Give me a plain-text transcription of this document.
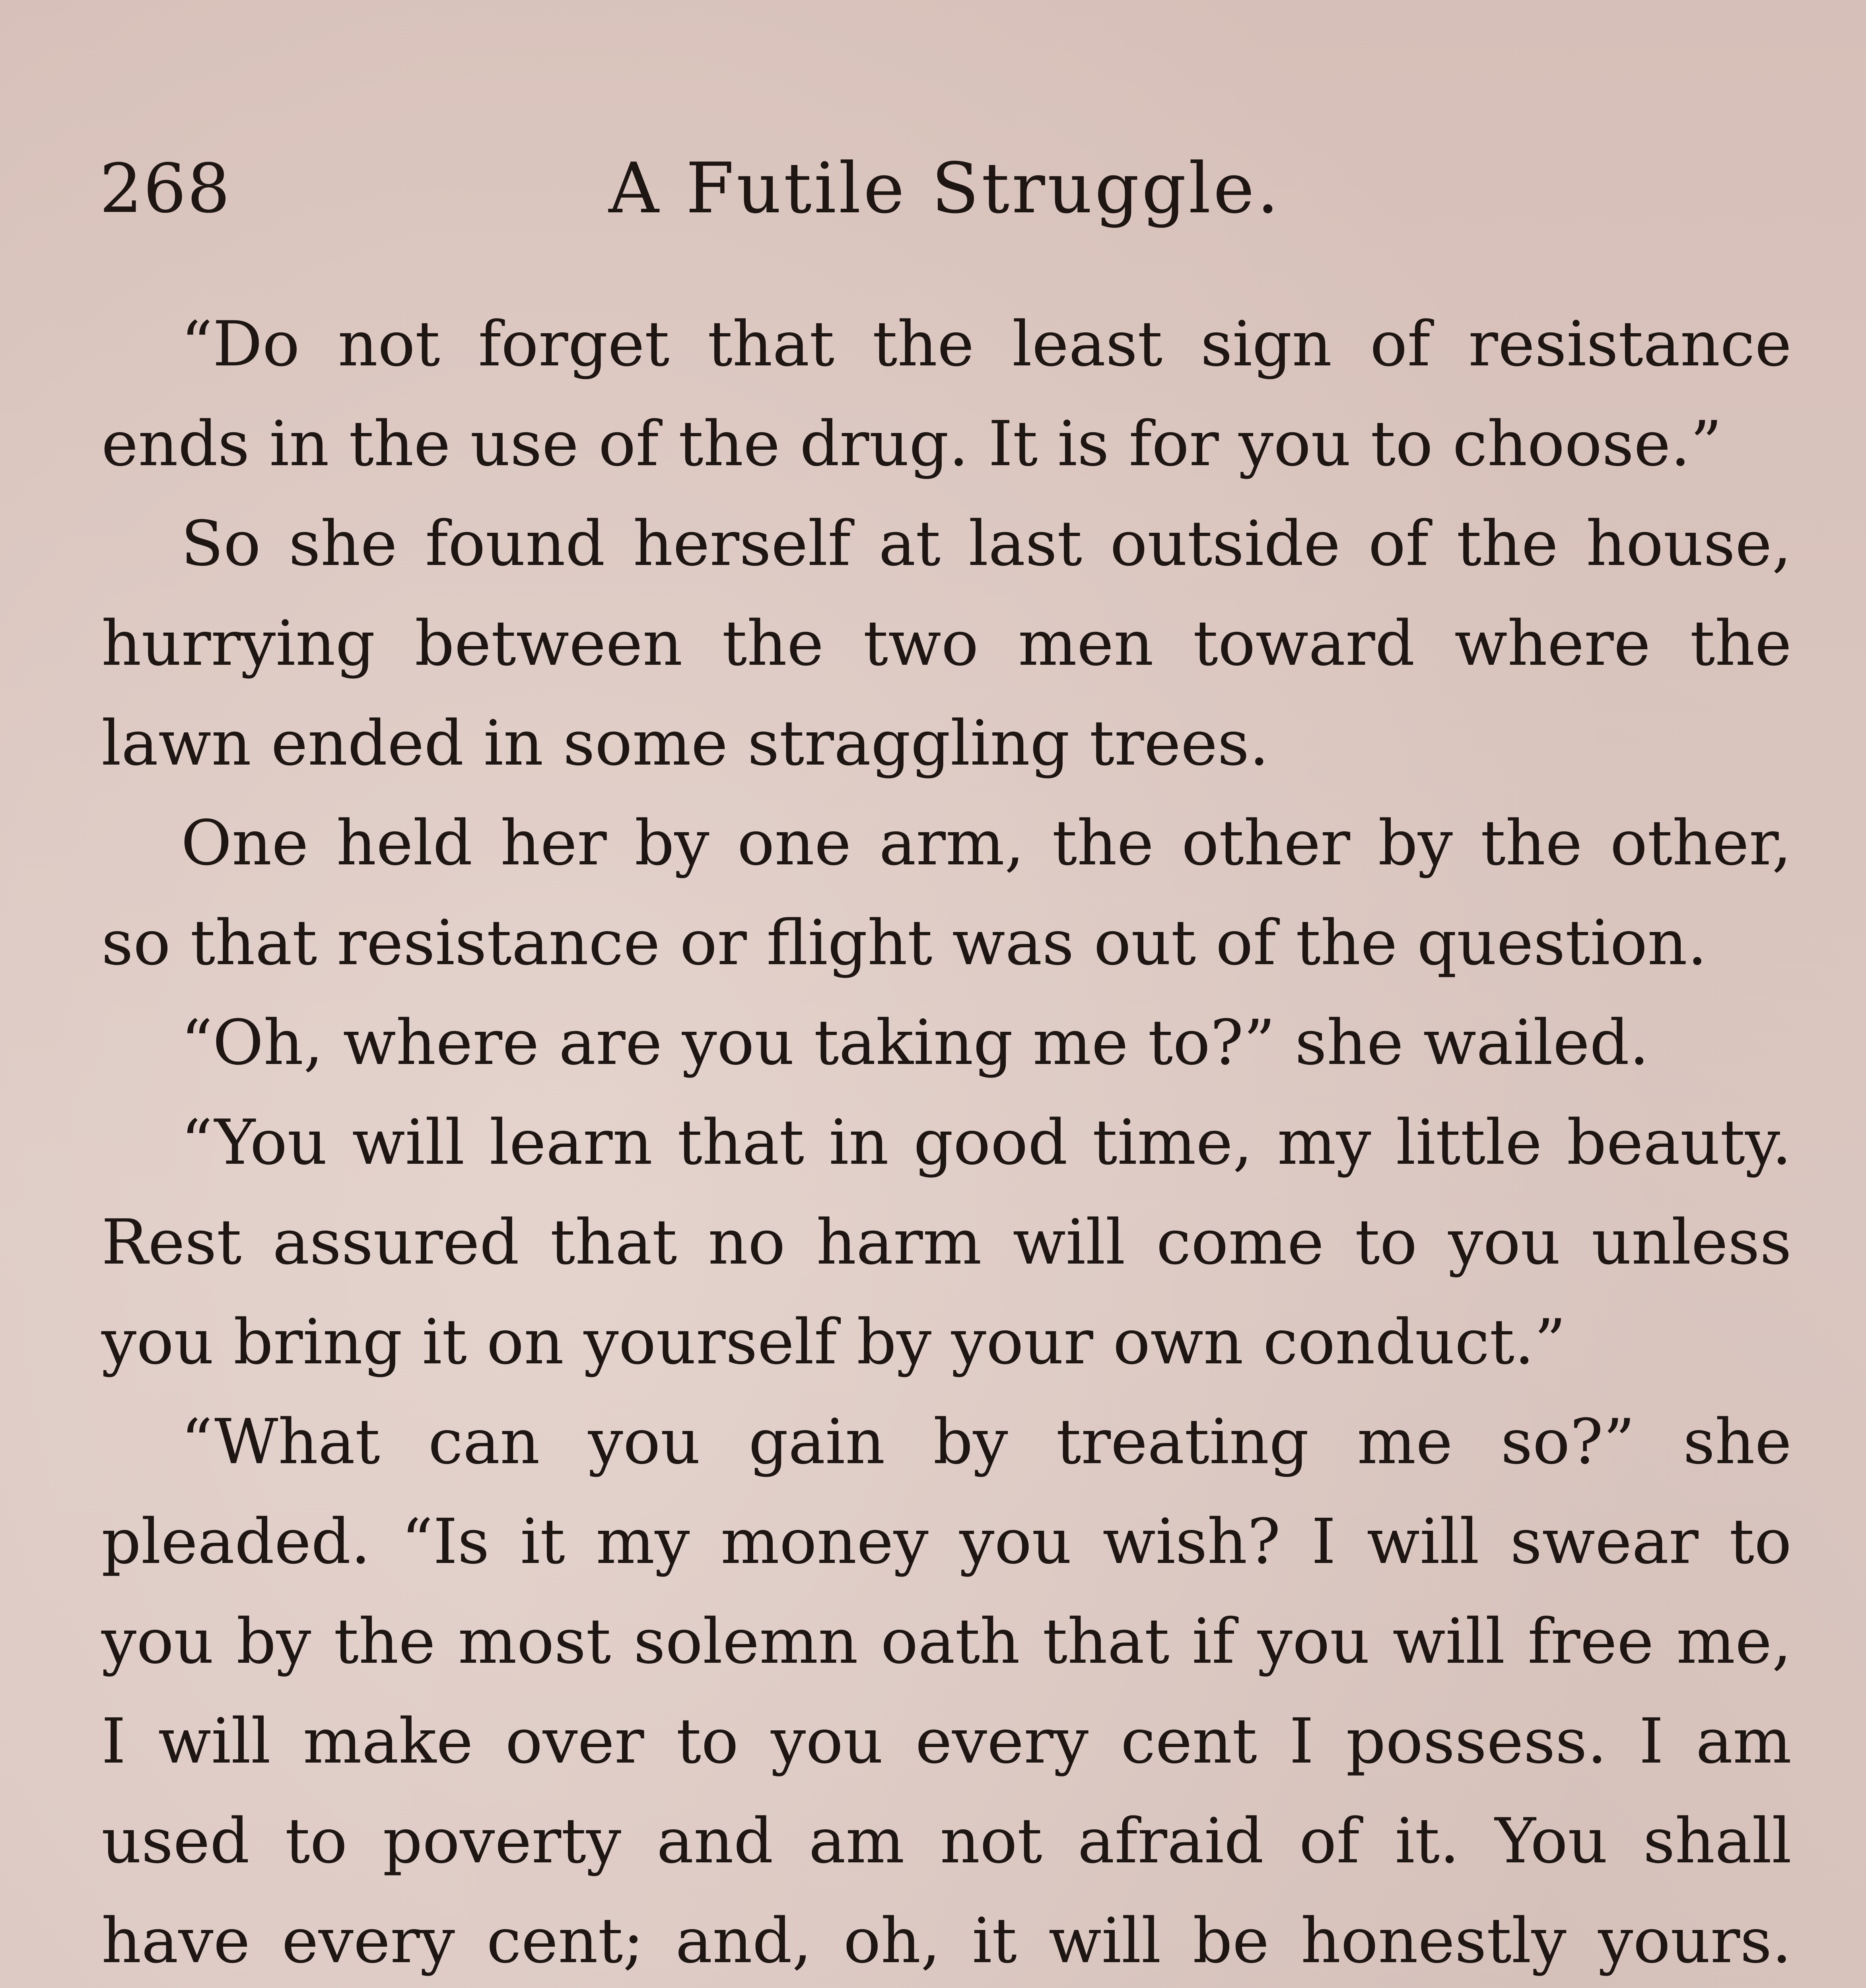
268	A Futile Struggle.

“Do not forget that the least sign of resistance ends in the use of the drug. It is for you to choose.”

So she found herself at last outside of the house, hurrying between the two men toward where the lawn ended in some straggling trees.

One held her by one arm, the other by the other, so that resistance or flight was out of the question.

“Oh, where are you taking me to?” she wailed.

“You will learn that in good time, my little beauty. Rest assured that no harm will come to you unless you bring it on yourself by your own conduct.”

“What can you gain by treating me so?” she pleaded. “Is it my money you wish? I will swear to you by the most solemn oath that if you will free me, I will make over to you every cent I possess. I am used to poverty and am not afraid of it. You shall have every cent; and, oh, it will be honestly yours.
